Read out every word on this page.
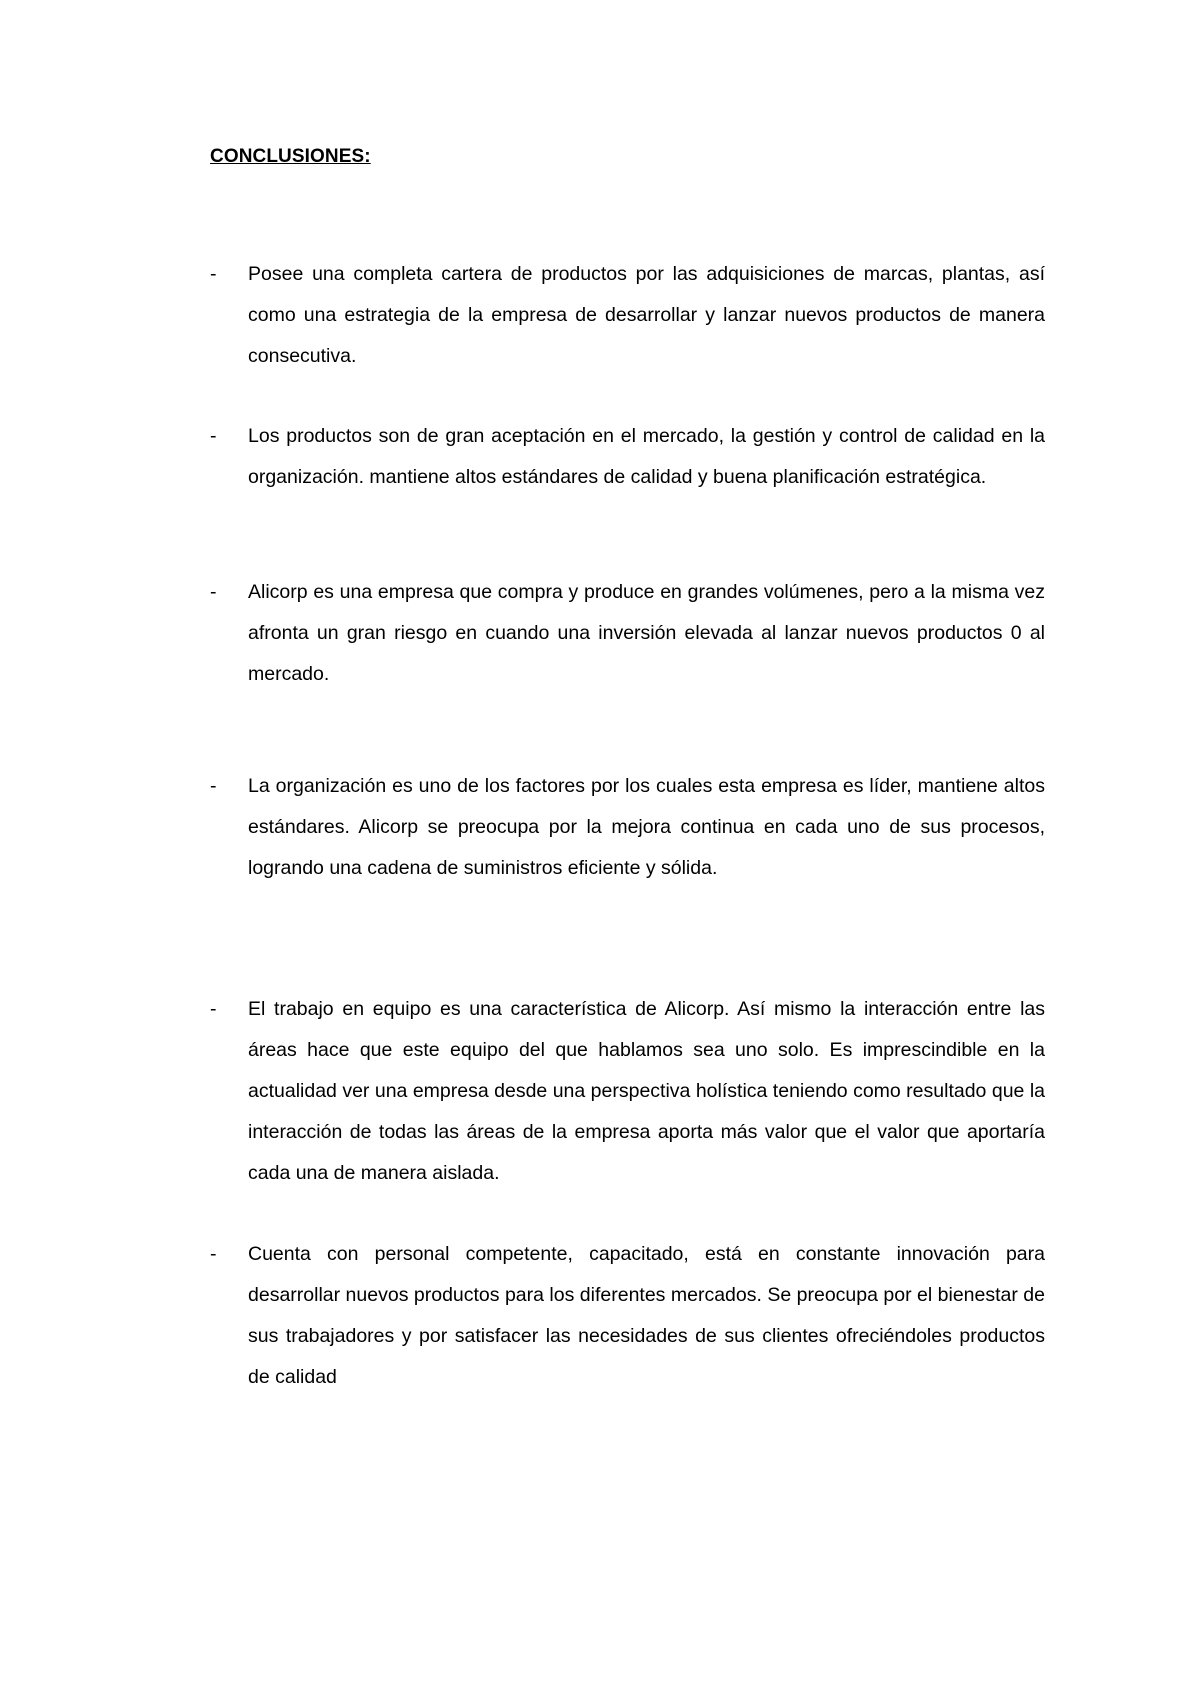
CONCLUSIONES:
-	Posee una completa cartera de productos por las adquisiciones de marcas, plantas, así como una estrategia de la empresa de desarrollar y lanzar nuevos productos de manera consecutiva.

-	Los productos son de gran aceptación en el mercado, la gestión y control de calidad en la organización. mantiene altos estándares de calidad y buena planificación estratégica.

-	Alicorp es una empresa que compra y produce en grandes volúmenes, pero a la misma vez afronta un gran riesgo en cuando una inversión elevada al lanzar nuevos productos 0 al mercado.

-	La organización es uno de los factores por los cuales esta empresa es líder, mantiene altos estándares. Alicorp se preocupa por la mejora continua en cada uno de sus procesos, logrando una cadena de suministros eficiente y sólida.

-	El trabajo en equipo es una característica de Alicorp. Así mismo la interacción entre las áreas hace que este equipo del que hablamos sea uno solo. Es imprescindible en la actualidad ver una empresa desde una perspectiva holística teniendo como resultado que la interacción de todas las áreas de la empresa aporta más valor que el valor que aportaría cada una de manera aislada.

-	Cuenta con personal competente, capacitado, está en constante innovación para desarrollar nuevos productos para los diferentes mercados. Se preocupa por el bienestar de sus trabajadores y por satisfacer las necesidades de sus clientes ofreciéndoles productos de calidad
